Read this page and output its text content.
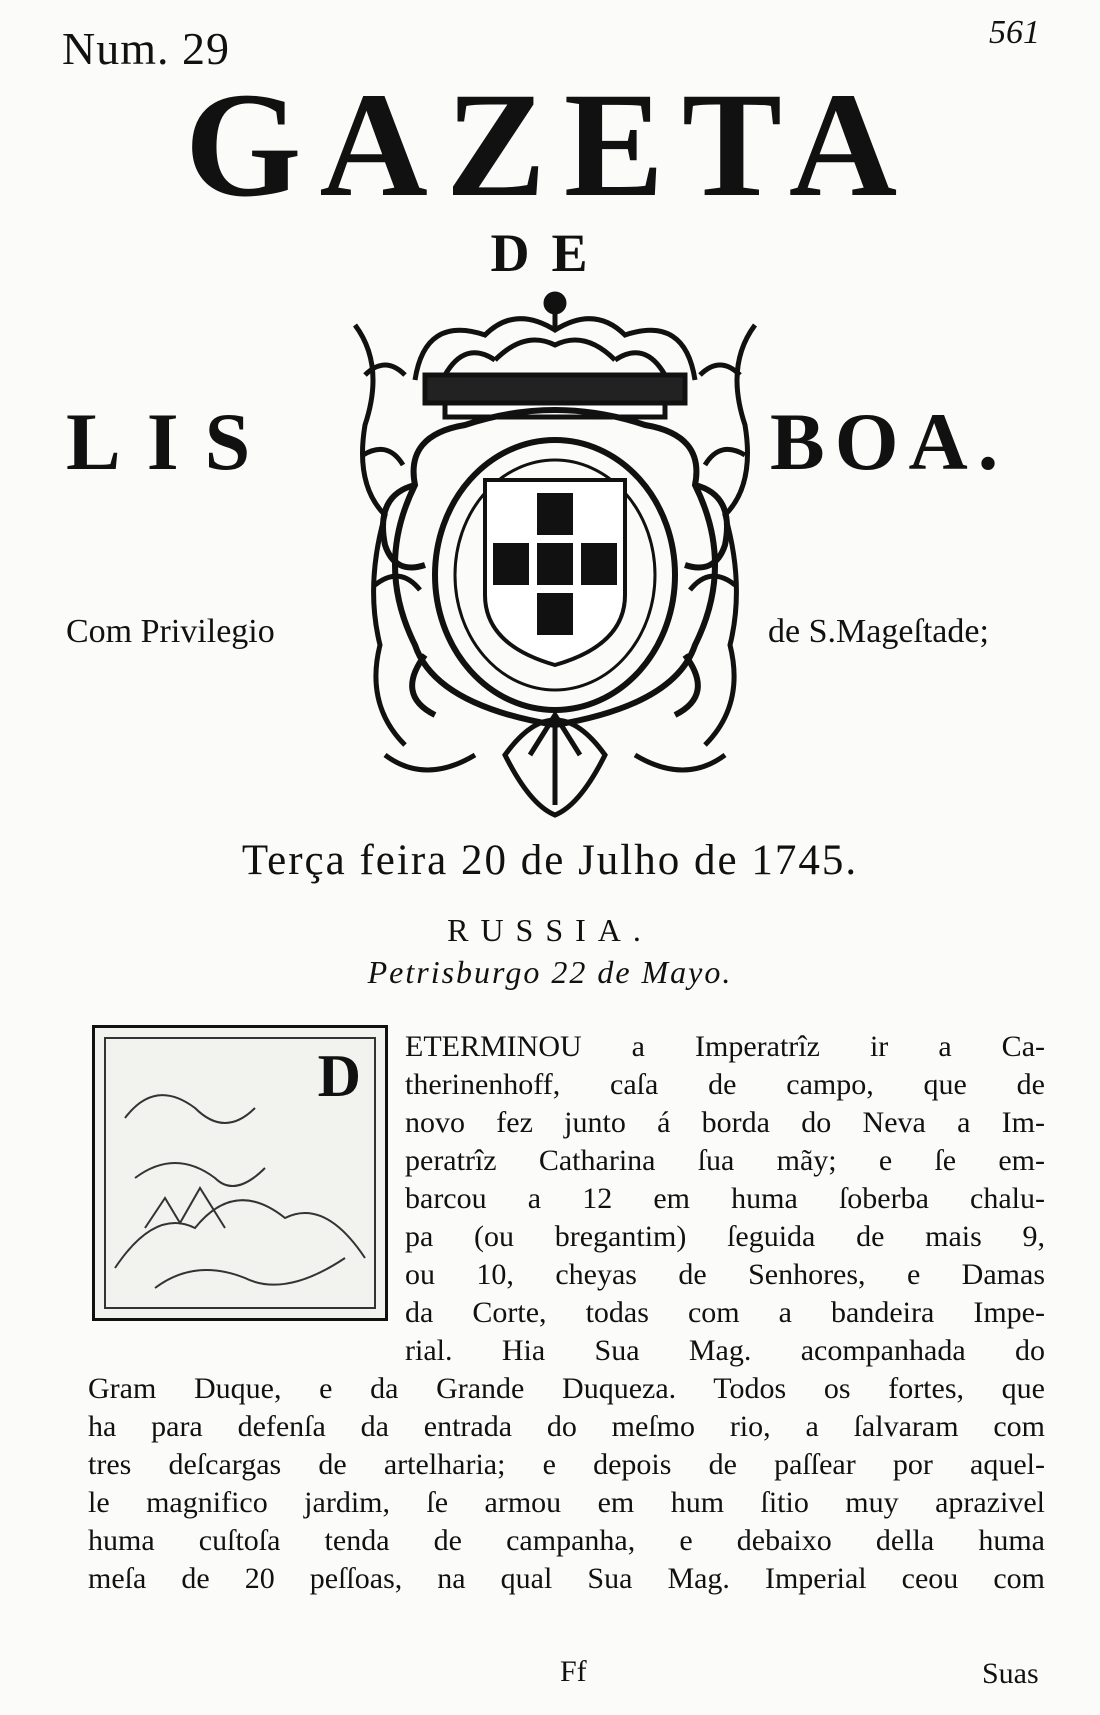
Num. 29	561
GAZETA
DE
LIS	BOA.
Com Privilegio	de S.Mageſtade;
Terça feira 20 de Julho de 1745.
RUSSIA.
Petrisburgo 22 de Mayo.
D ETERMINOU a Imperatrîz ir a Ca-
therinenhoff, caſa de campo, que de
novo fez junto á borda do Neva a Im-
peratrîz Catharina ſua mãy; e ſe em-
barcou a 12 em huma ſoberba chalu-
pa (ou bregantim) ſeguida de mais 9,
ou 10, cheyas de Senhores, e Damas
da Corte, todas com a bandeira Impe-
rial. Hia Sua Mag. acompanhada do
Gram Duque, e da Grande Duqueza. Todos os fortes, que
ha para defenſa da entrada do meſmo rio, a ſalvaram com
tres deſcargas de artelharia; e depois de paſſear por aquel-
le magnifico jardim, ſe armou em hum ſitio muy aprazivel
huma cuſtoſa tenda de campanha, e debaixo della huma
meſa de 20 peſſoas, na qual Sua Mag. Imperial ceou com
Ff	Suas
